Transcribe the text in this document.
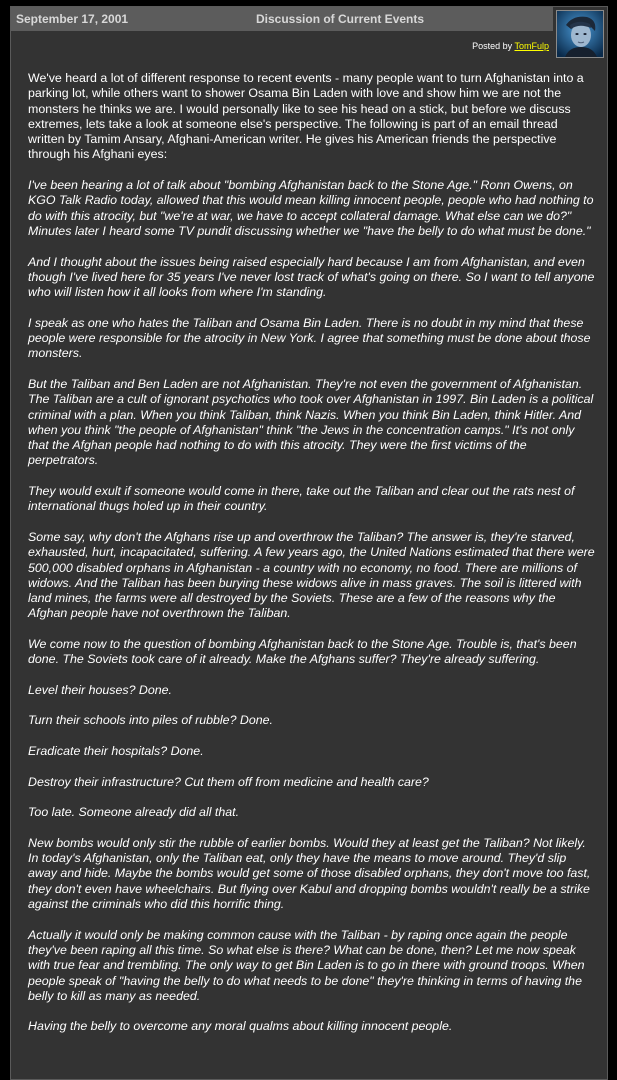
September 17, 2001	Discussion of Current Events
Posted by TomFulp

We've heard a lot of different response to recent events - many people want to turn Afghanistan into a parking lot, while others want to shower Osama Bin Laden with love and show him we are not the monsters he thinks we are. I would personally like to see his head on a stick, but before we discuss extremes, lets take a look at someone else's perspective. The following is part of an email thread written by Tamim Ansary, Afghani-American writer. He gives his American friends the perspective through his Afghani eyes:

I've been hearing a lot of talk about "bombing Afghanistan back to the Stone Age." Ronn Owens, on KGO Talk Radio today, allowed that this would mean killing innocent people, people who had nothing to do with this atrocity, but "we're at war, we have to accept collateral damage. What else can we do?" Minutes later I heard some TV pundit discussing whether we "have the belly to do what must be done."

And I thought about the issues being raised especially hard because I am from Afghanistan, and even though I've lived here for 35 years I've never lost track of what's going on there. So I want to tell anyone who will listen how it all looks from where I'm standing.

I speak as one who hates the Taliban and Osama Bin Laden. There is no doubt in my mind that these people were responsible for the atrocity in New York. I agree that something must be done about those monsters.

But the Taliban and Ben Laden are not Afghanistan. They're not even the government of Afghanistan. The Taliban are a cult of ignorant psychotics who took over Afghanistan in 1997. Bin Laden is a political criminal with a plan. When you think Taliban, think Nazis. When you think Bin Laden, think Hitler. And when you think "the people of Afghanistan" think "the Jews in the concentration camps." It's not only that the Afghan people had nothing to do with this atrocity. They were the first victims of the perpetrators.

They would exult if someone would come in there, take out the Taliban and clear out the rats nest of international thugs holed up in their country.

Some say, why don't the Afghans rise up and overthrow the Taliban? The answer is, they're starved, exhausted, hurt, incapacitated, suffering. A few years ago, the United Nations estimated that there were 500,000 disabled orphans in Afghanistan - a country with no economy, no food. There are millions of widows. And the Taliban has been burying these widows alive in mass graves. The soil is littered with land mines, the farms were all destroyed by the Soviets. These are a few of the reasons why the Afghan people have not overthrown the Taliban.

We come now to the question of bombing Afghanistan back to the Stone Age. Trouble is, that's been done. The Soviets took care of it already. Make the Afghans suffer? They're already suffering.

Level their houses? Done.

Turn their schools into piles of rubble? Done.

Eradicate their hospitals? Done.

Destroy their infrastructure? Cut them off from medicine and health care?

Too late. Someone already did all that.

New bombs would only stir the rubble of earlier bombs. Would they at least get the Taliban? Not likely. In today's Afghanistan, only the Taliban eat, only they have the means to move around. They'd slip away and hide. Maybe the bombs would get some of those disabled orphans, they don't move too fast, they don't even have wheelchairs. But flying over Kabul and dropping bombs wouldn't really be a strike against the criminals who did this horrific thing.

Actually it would only be making common cause with the Taliban - by raping once again the people they've been raping all this time. So what else is there? What can be done, then? Let me now speak with true fear and trembling. The only way to get Bin Laden is to go in there with ground troops. When people speak of "having the belly to do what needs to be done" they're thinking in terms of having the belly to kill as many as needed.

Having the belly to overcome any moral qualms about killing innocent people.
